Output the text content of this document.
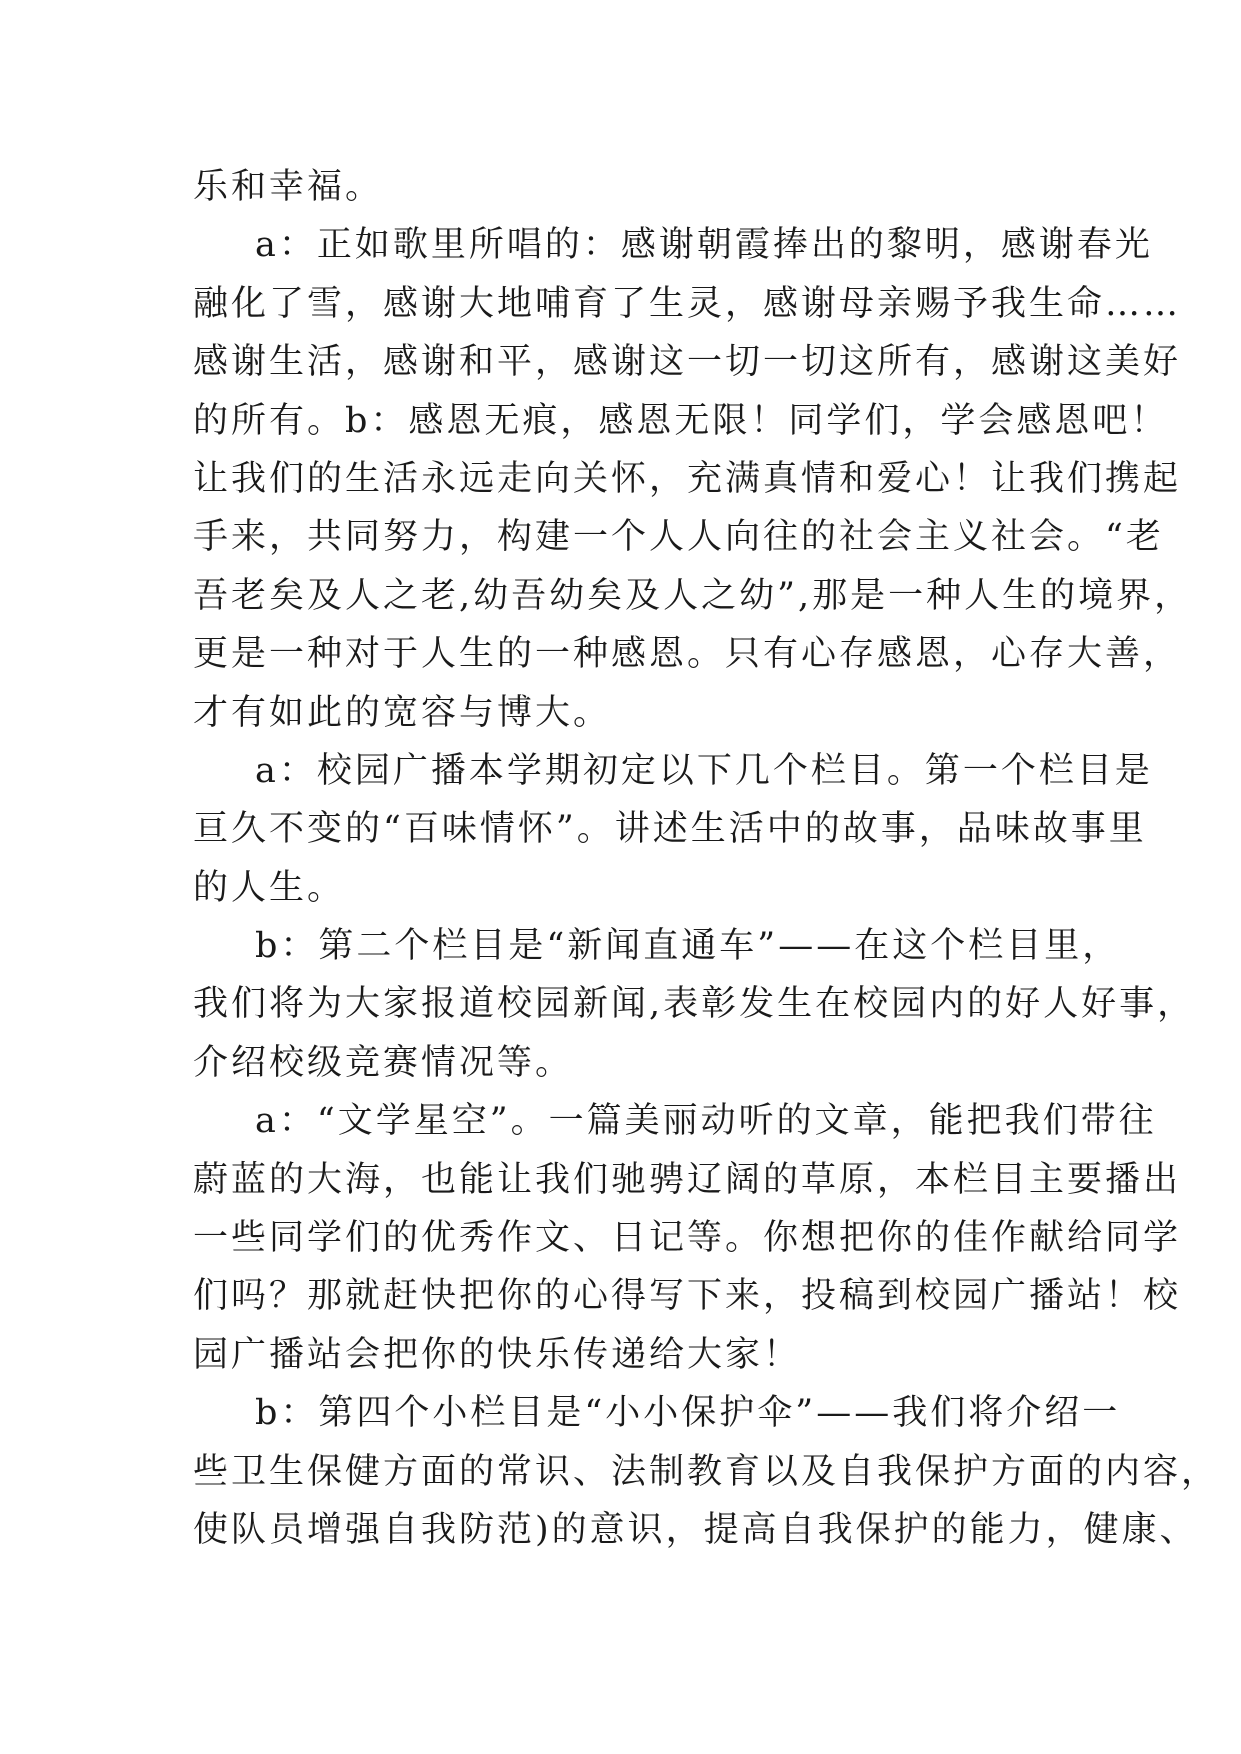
乐和幸福。

a：正如歌里所唱的：感谢朝霞捧出的黎明，感谢春光

融化了雪，感谢大地哺育了生灵，感谢母亲赐予我生命……

感谢生活，感谢和平，感谢这一切一切这所有，感谢这美好

的所有。b：感恩无痕，感恩无限！同学们，学会感恩吧！

让我们的生活永远走向关怀，充满真情和爱心！让我们携起

手来，共同努力，构建一个人人向往的社会主义社会。“老

吾老矣及人之老,幼吾幼矣及人之幼”,那是一种人生的境界，

更是一种对于人生的一种感恩。只有心存感恩，心存大善，

才有如此的宽容与博大。

a：校园广播本学期初定以下几个栏目。第一个栏目是

亘久不变的“百味情怀”。讲述生活中的故事，品味故事里

的人生。

b：第二个栏目是“新闻直通车”——在这个栏目里，

我们将为大家报道校园新闻,表彰发生在校园内的好人好事，

介绍校级竞赛情况等。

a：“文学星空”。一篇美丽动听的文章，能把我们带往

蔚蓝的大海，也能让我们驰骋辽阔的草原，本栏目主要播出

一些同学们的优秀作文、日记等。你想把你的佳作献给同学

们吗？那就赶快把你的心得写下来，投稿到校园广播站！校

园广播站会把你的快乐传递给大家！

b：第四个小栏目是“小小保护伞”——我们将介绍一

些卫生保健方面的常识、法制教育以及自我保护方面的内容，

使队员增强自我防范)的意识，提高自我保护的能力，健康、
